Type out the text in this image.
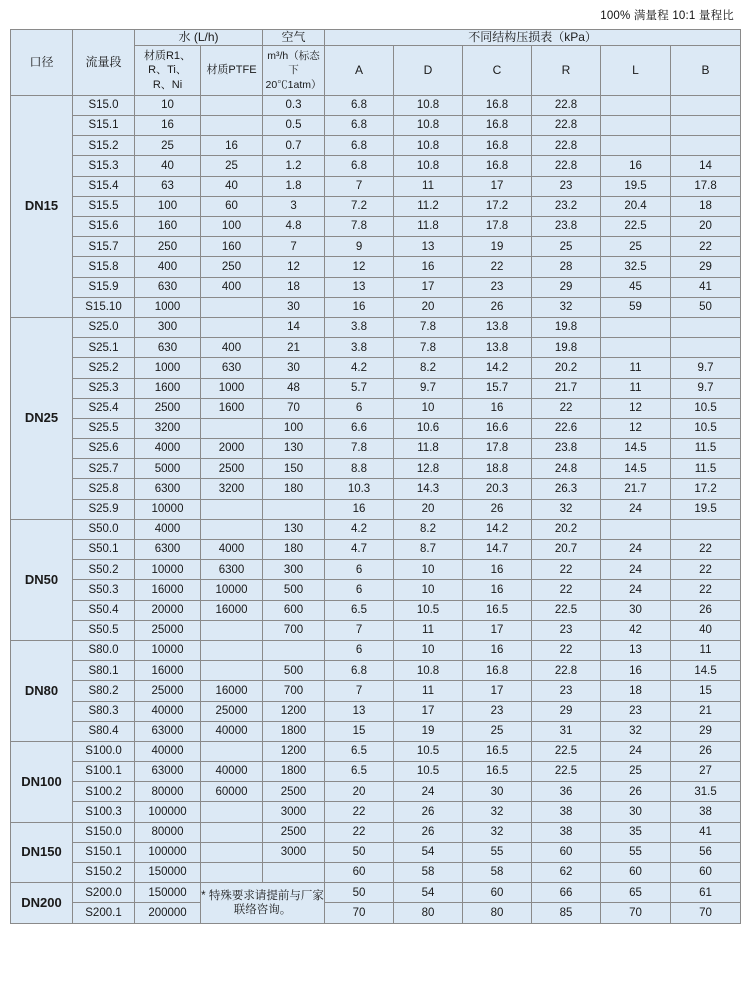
100% 满量程 10:1 量程比
口径	流量段	水 (L/h)		空气	不同结构压损表（kPa）					
		材质R1、R、Ti、R、Ni	材质PTFE	m³/h（标态下20℃1atm）	A	D	C	R	L	B

DN15	S15.0	10		0.3	6.8	10.8	16.8	22.8		
	S15.1	16		0.5	6.8	10.8	16.8	22.8		
	S15.2	25	16	0.7	6.8	10.8	16.8	22.8		
	S15.3	40	25	1.2	6.8	10.8	16.8	22.8	16	14
	S15.4	63	40	1.8	7	11	17	23	19.5	17.8
	S15.5	100	60	3	7.2	11.2	17.2	23.2	20.4	18
	S15.6	160	100	4.8	7.8	11.8	17.8	23.8	22.5	20
	S15.7	250	160	7	9	13	19	25	25	22
	S15.8	400	250	12	12	16	22	28	32.5	29
	S15.9	630	400	18	13	17	23	29	45	41
	S15.10	1000		30	16	20	26	32	59	50
DN25	S25.0	300		14	3.8	7.8	13.8	19.8		
	S25.1	630	400	21	3.8	7.8	13.8	19.8		
	S25.2	1000	630	30	4.2	8.2	14.2	20.2	11	9.7
	S25.3	1600	1000	48	5.7	9.7	15.7	21.7	11	9.7
	S25.4	2500	1600	70	6	10	16	22	12	10.5
	S25.5	3200		100	6.6	10.6	16.6	22.6	12	10.5
	S25.6	4000	2000	130	7.8	11.8	17.8	23.8	14.5	11.5
	S25.7	5000	2500	150	8.8	12.8	18.8	24.8	14.5	11.5
	S25.8	6300	3200	180	10.3	14.3	20.3	26.3	21.7	17.2
	S25.9	10000			16	20	26	32	24	19.5
DN50	S50.0	4000		130	4.2	8.2	14.2	20.2		
	S50.1	6300	4000	180	4.7	8.7	14.7	20.7	24	22
	S50.2	10000	6300	300	6	10	16	22	24	22
	S50.3	16000	10000	500	6	10	16	22	24	22
	S50.4	20000	16000	600	6.5	10.5	16.5	22.5	30	26
	S50.5	25000		700	7	11	17	23	42	40
DN80	S80.0	10000			6	10	16	22	13	11
	S80.1	16000		500	6.8	10.8	16.8	22.8	16	14.5
	S80.2	25000	16000	700	7	11	17	23	18	15
	S80.3	40000	25000	1200	13	17	23	29	23	21
	S80.4	63000	40000	1800	15	19	25	31	32	29
DN100	S100.0	40000		1200	6.5	10.5	16.5	22.5	24	26
	S100.1	63000	40000	1800	6.5	10.5	16.5	22.5	25	27
	S100.2	80000	60000	2500	20	24	30	36	26	31.5
	S100.3	100000		3000	22	26	32	38	30	38
DN150	S150.0	80000		2500	22	26	32	38	35	41
	S150.1	100000		3000	50	54	55	60	55	56
	S150.2	150000			60	58	58	62	60	60
DN200	S200.0	150000	* 特殊要求请提前与厂家联络咨询。		50	54	60	66	65	61
	S200.1	200000			70	80	80	85	70	70
